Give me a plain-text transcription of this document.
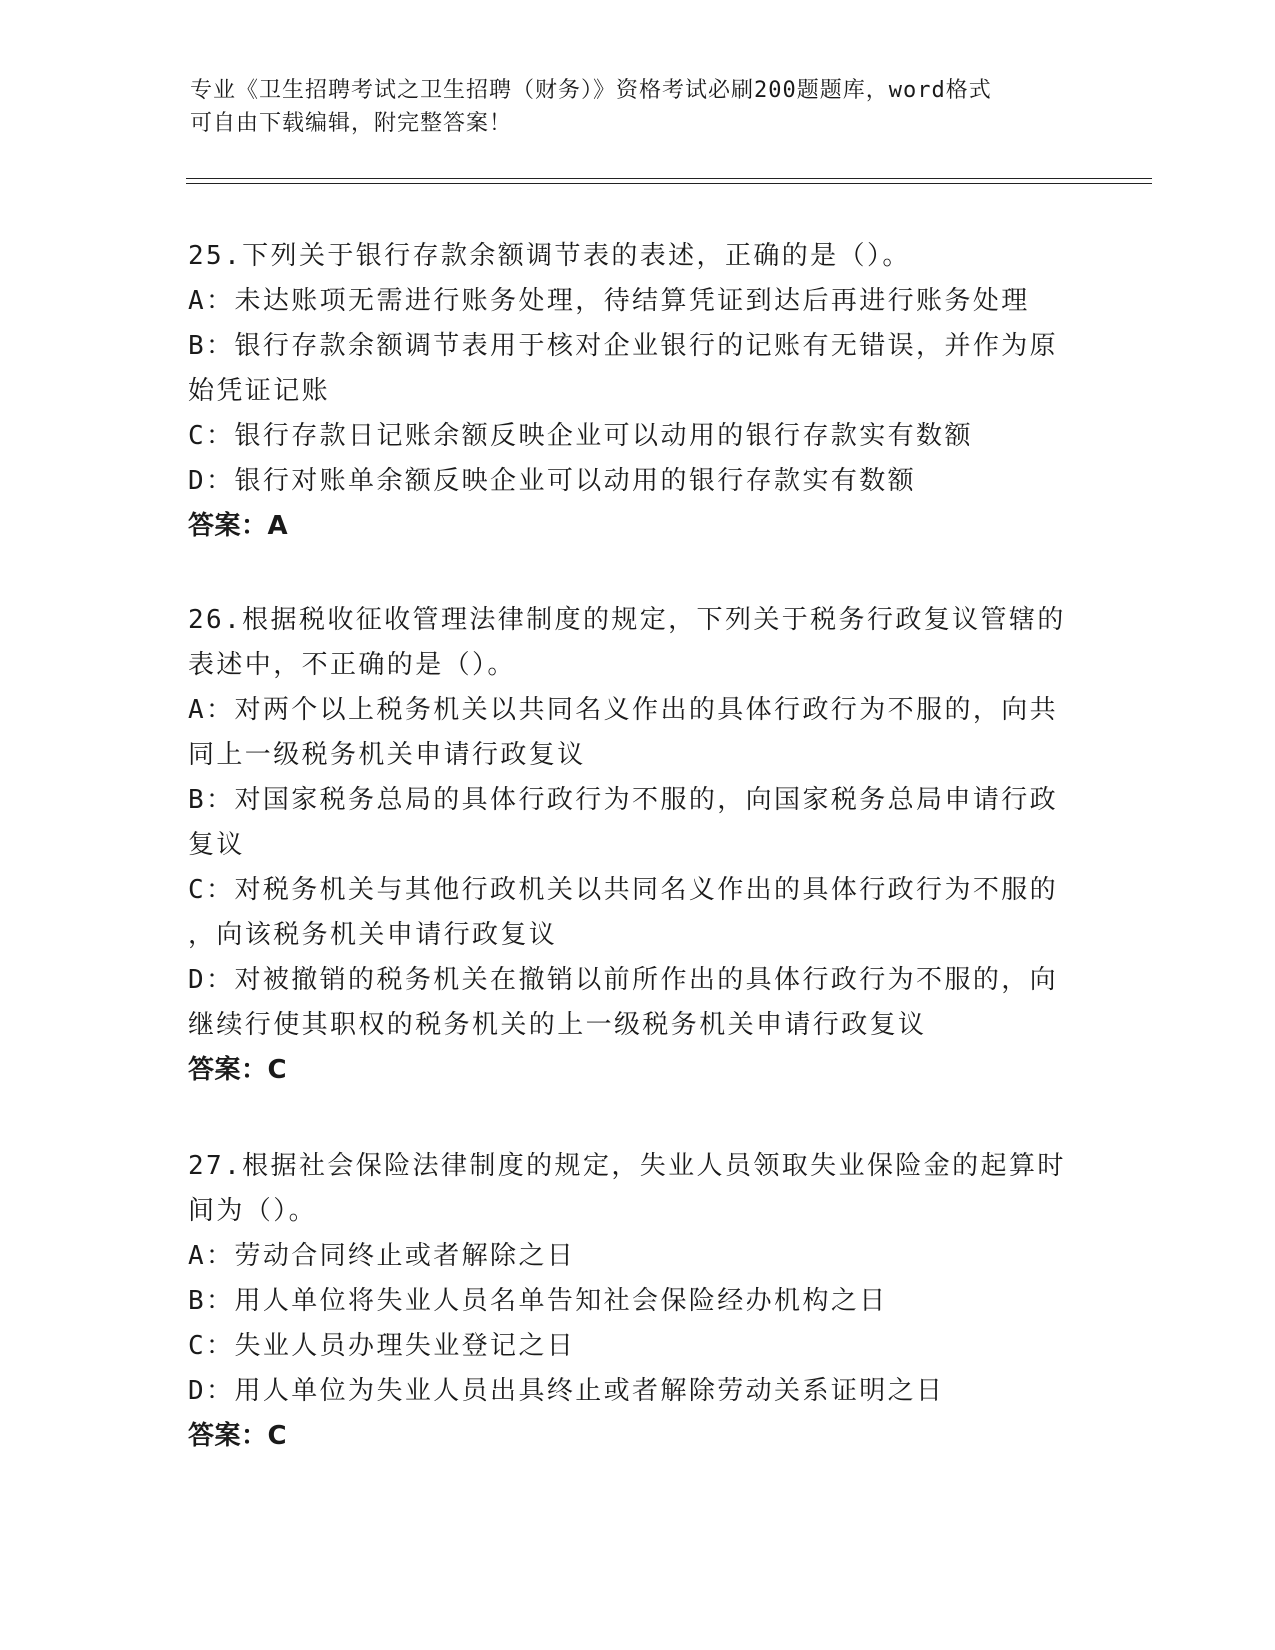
专业《卫生招聘考试之卫生招聘（财务）》资格考试必刷200题题库，word格式
可自由下载编辑，附完整答案！
25.下列关于银行存款余额调节表的表述，正确的是（）。
A：未达账项无需进行账务处理，待结算凭证到达后再进行账务处理
B：银行存款余额调节表用于核对企业银行的记账有无错误，并作为原
始凭证记账
C：银行存款日记账余额反映企业可以动用的银行存款实有数额
D：银行对账单余额反映企业可以动用的银行存款实有数额
答案：A
26.根据税收征收管理法律制度的规定，下列关于税务行政复议管辖的
表述中，不正确的是（）。
A：对两个以上税务机关以共同名义作出的具体行政行为不服的，向共
同上一级税务机关申请行政复议
B：对国家税务总局的具体行政行为不服的，向国家税务总局申请行政
复议
C：对税务机关与其他行政机关以共同名义作出的具体行政行为不服的
，向该税务机关申请行政复议
D：对被撤销的税务机关在撤销以前所作出的具体行政行为不服的，向
继续行使其职权的税务机关的上一级税务机关申请行政复议
答案：C
27.根据社会保险法律制度的规定，失业人员领取失业保险金的起算时
间为（）。
A：劳动合同终止或者解除之日
B：用人单位将失业人员名单告知社会保险经办机构之日
C：失业人员办理失业登记之日
D：用人单位为失业人员出具终止或者解除劳动关系证明之日
答案：C
